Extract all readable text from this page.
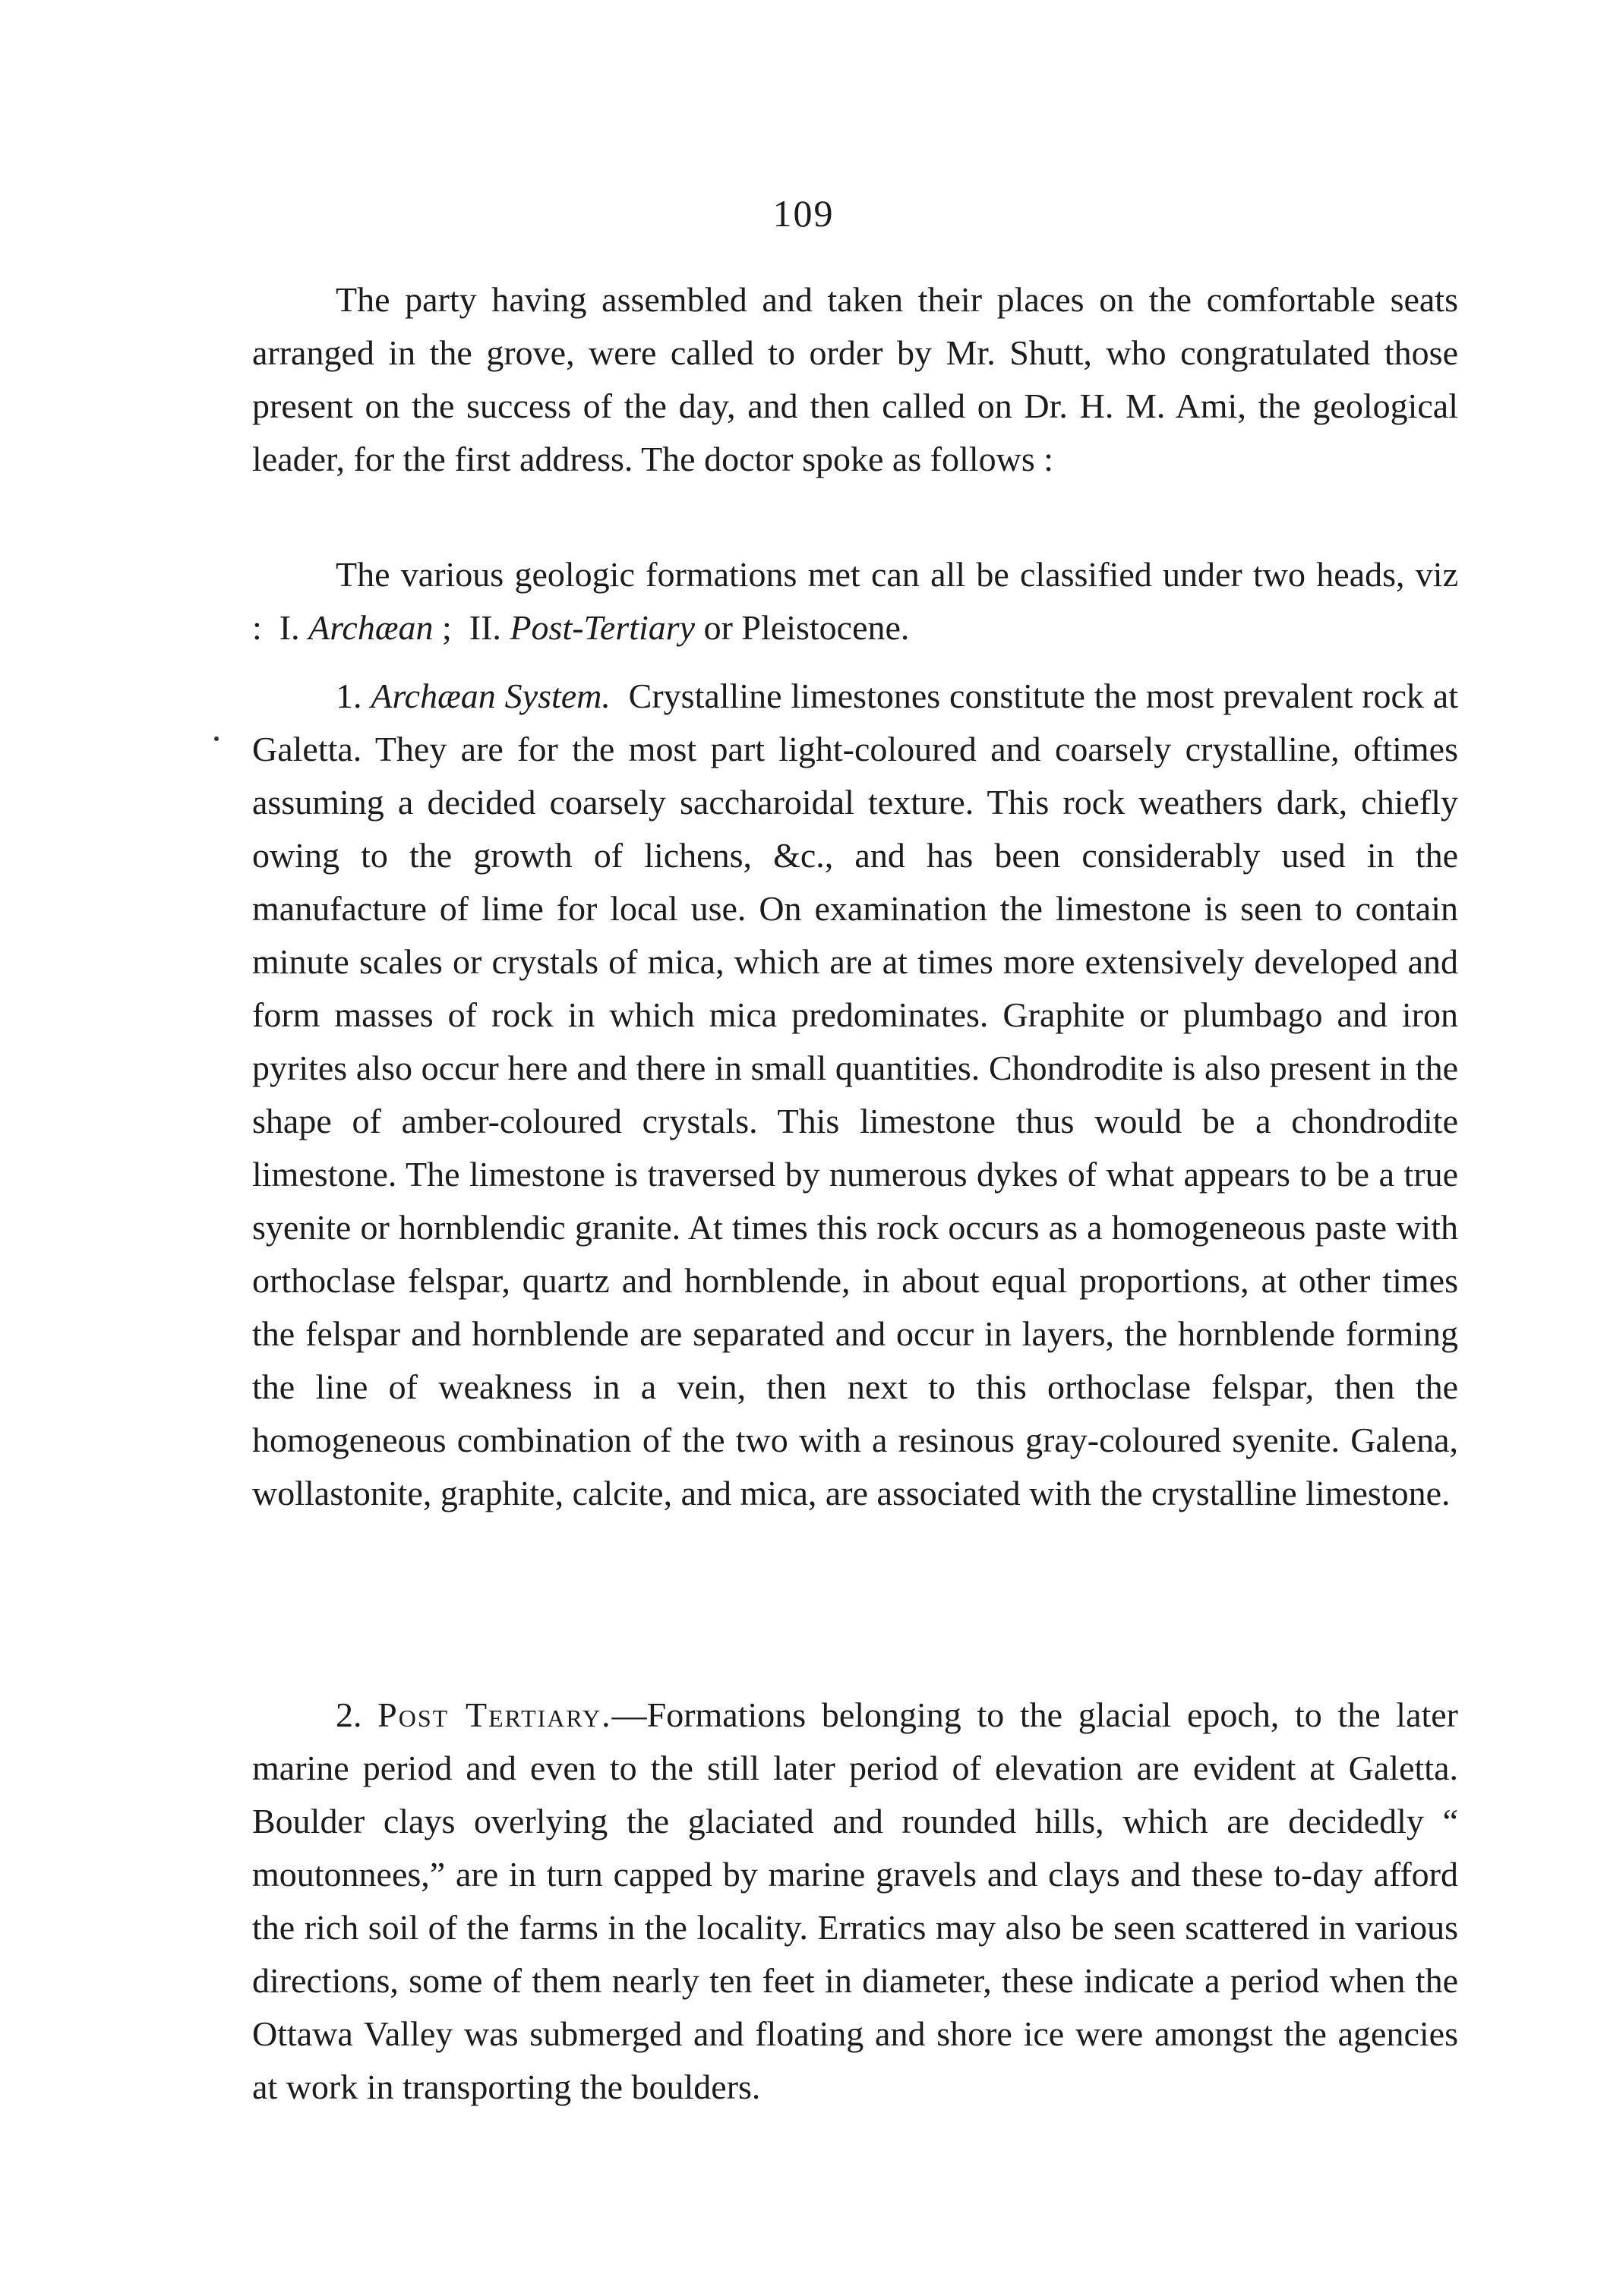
109

The party having assembled and taken their places on the comfortable seats arranged in the grove, were called to order by Mr. Shutt, who congratulated those present on the success of the day, and then called on Dr. H. M. Ami, the geological leader, for the first address. The doctor spoke as follows :

The various geologic formations met can all be classified under two heads, viz : I. Archæan ; II. Post-Tertiary or Pleistocene.

1. Archæan System. Crystalline limestones constitute the most prevalent rock at Galetta. They are for the most part light-coloured and coarsely crystalline, oftimes assuming a decided coarsely saccharoidal texture. This rock weathers dark, chiefly owing to the growth of lichens, &c., and has been considerably used in the manufacture of lime for local use. On examination the limestone is seen to contain minute scales or crystals of mica, which are at times more extensively developed and form masses of rock in which mica predominates. Graphite or plumbago and iron pyrites also occur here and there in small quantities. Chondrodite is also present in the shape of amber-coloured crystals. This limestone thus would be a chondrodite limestone. The limestone is traversed by numerous dykes of what appears to be a true syenite or hornblendic granite. At times this rock occurs as a homogeneous paste with orthoclase felspar, quartz and hornblende, in about equal proportions, at other times the felspar and hornblende are separated and occur in layers, the hornblende forming the line of weakness in a vein, then next to this orthoclase felspar, then the homogeneous combination of the two with a resinous gray-coloured syenite. Galena, wollastonite, graphite, calcite, and mica, are associated with the crystalline limestone.

2. Post Tertiary.—Formations belonging to the glacial epoch, to the later marine period and even to the still later period of elevation are evident at Galetta. Boulder clays overlying the glaciated and rounded hills, which are decidedly “ moutonnees,” are in turn capped by marine gravels and clays and these to-day afford the rich soil of the farms in the locality. Erratics may also be seen scattered in various directions, some of them nearly ten feet in diameter, these indicate a period when the Ottawa Valley was submerged and floating and shore ice were amongst the agencies at work in transporting the boulders.
